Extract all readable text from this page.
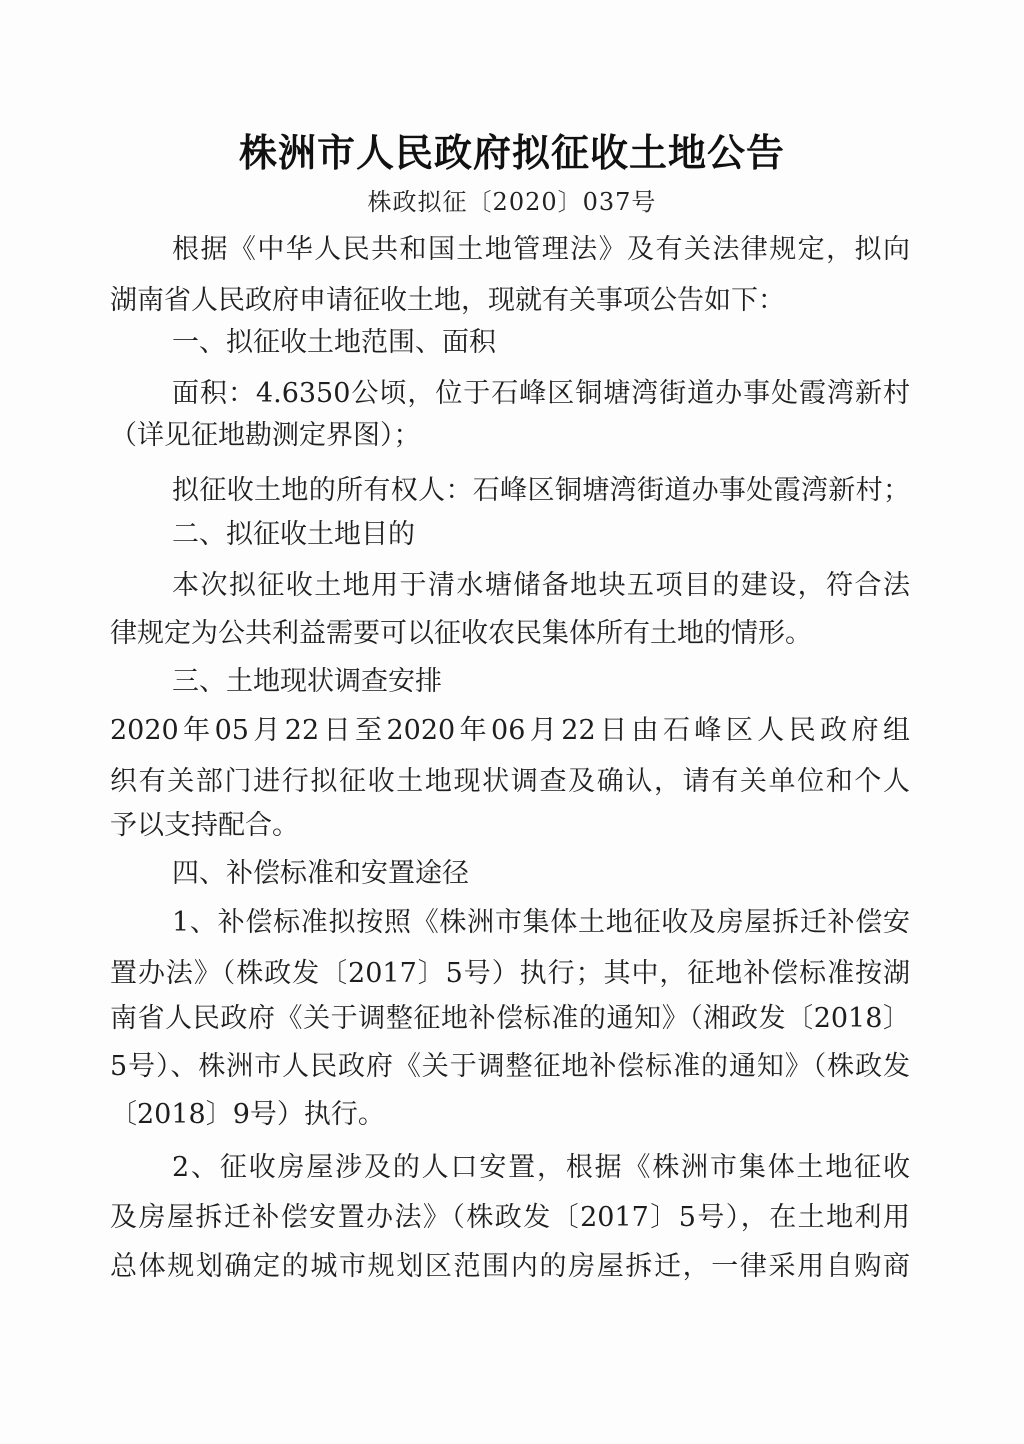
株洲市人民政府拟征收土地公告
株政拟征〔2020〕037号
根据《中华人民共和国土地管理法》及有关法律规定，拟向
湖南省人民政府申请征收土地，现就有关事项公告如下：
一、拟征收土地范围、面积
面积：4.6350公顷，位于石峰区铜塘湾街道办事处霞湾新村
（详见征地勘测定界图）；
拟征收土地的所有权人：石峰区铜塘湾街道办事处霞湾新村；
二、拟征收土地目的
本次拟征收土地用于清水塘储备地块五项目的建设，符合法
律规定为公共利益需要可以征收农民集体所有土地的情形。
三、土地现状调查安排
2020年05月22日至2020年06月22日由石峰区人民政府组
织有关部门进行拟征收土地现状调查及确认，请有关单位和个人
予以支持配合。
四、补偿标准和安置途径
1、补偿标准拟按照《株洲市集体土地征收及房屋拆迁补偿安
置办法》（株政发〔2017〕5号）执行；其中，征地补偿标准按湖
南省人民政府《关于调整征地补偿标准的通知》（湘政发〔2018〕
5号）、株洲市人民政府《关于调整征地补偿标准的通知》（株政发
〔2018〕9号）执行。
2、征收房屋涉及的人口安置，根据《株洲市集体土地征收
及房屋拆迁补偿安置办法》（株政发〔2017〕5号），在土地利用
总体规划确定的城市规划区范围内的房屋拆迁，一律采用自购商
